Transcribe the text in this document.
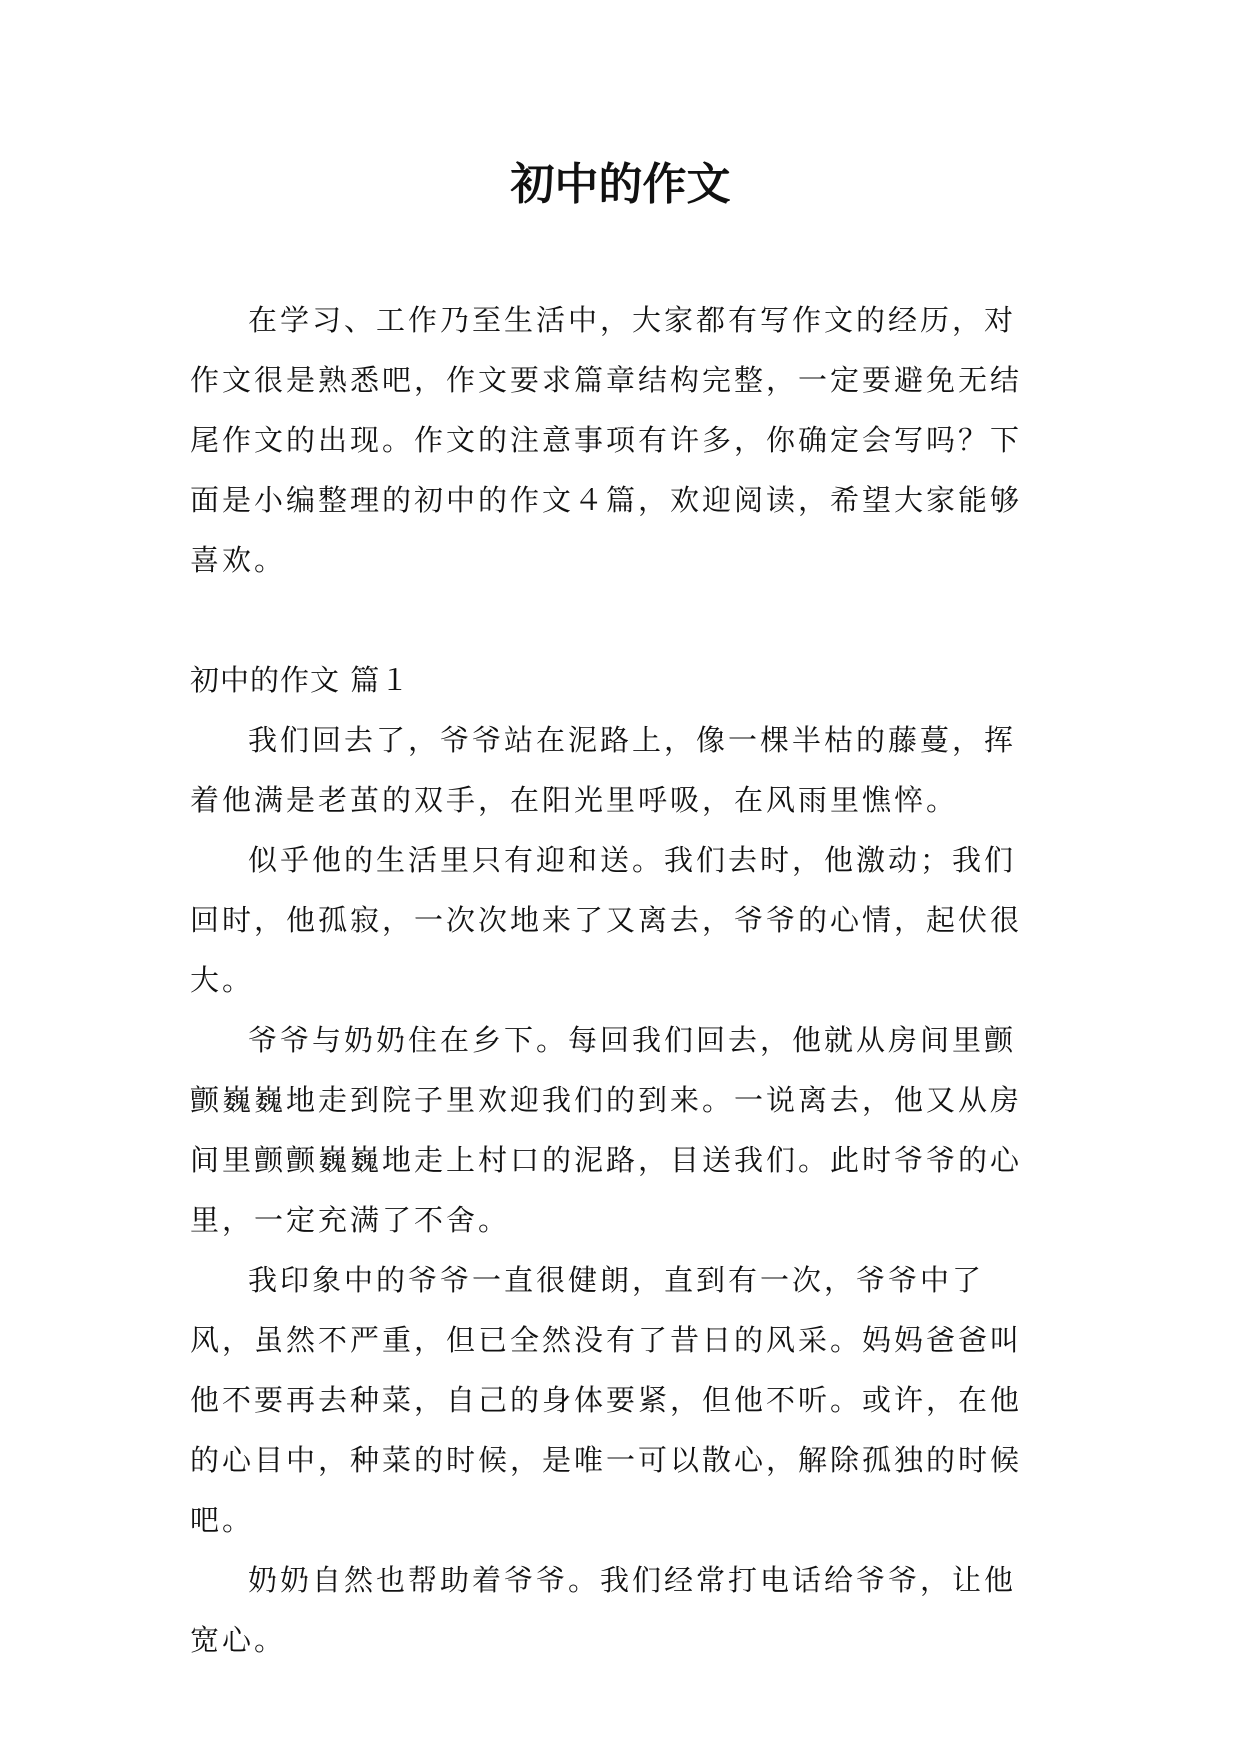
初中的作文

在学习、工作乃至生活中，大家都有写作文的经历，对作文很是熟悉吧，作文要求篇章结构完整，一定要避免无结尾作文的出现。作文的注意事项有许多，你确定会写吗？下面是小编整理的初中的作文４篇，欢迎阅读，希望大家能够喜欢。

初中的作文 篇１

我们回去了，爷爷站在泥路上，像一棵半枯的藤蔓，挥着他满是老茧的双手，在阳光里呼吸，在风雨里憔悴。

似乎他的生活里只有迎和送。我们去时，他激动；我们回时，他孤寂，一次次地来了又离去，爷爷的心情，起伏很大。

爷爷与奶奶住在乡下。每回我们回去，他就从房间里颤颤巍巍地走到院子里欢迎我们的到来。一说离去，他又从房间里颤颤巍巍地走上村口的泥路，目送我们。此时爷爷的心里，一定充满了不舍。

我印象中的爷爷一直很健朗，直到有一次，爷爷中了风，虽然不严重，但已全然没有了昔日的风采。妈妈爸爸叫他不要再去种菜，自己的身体要紧，但他不听。或许，在他的心目中，种菜的时候，是唯一可以散心，解除孤独的时候吧。

奶奶自然也帮助着爷爷。我们经常打电话给爷爷，让他宽心。
